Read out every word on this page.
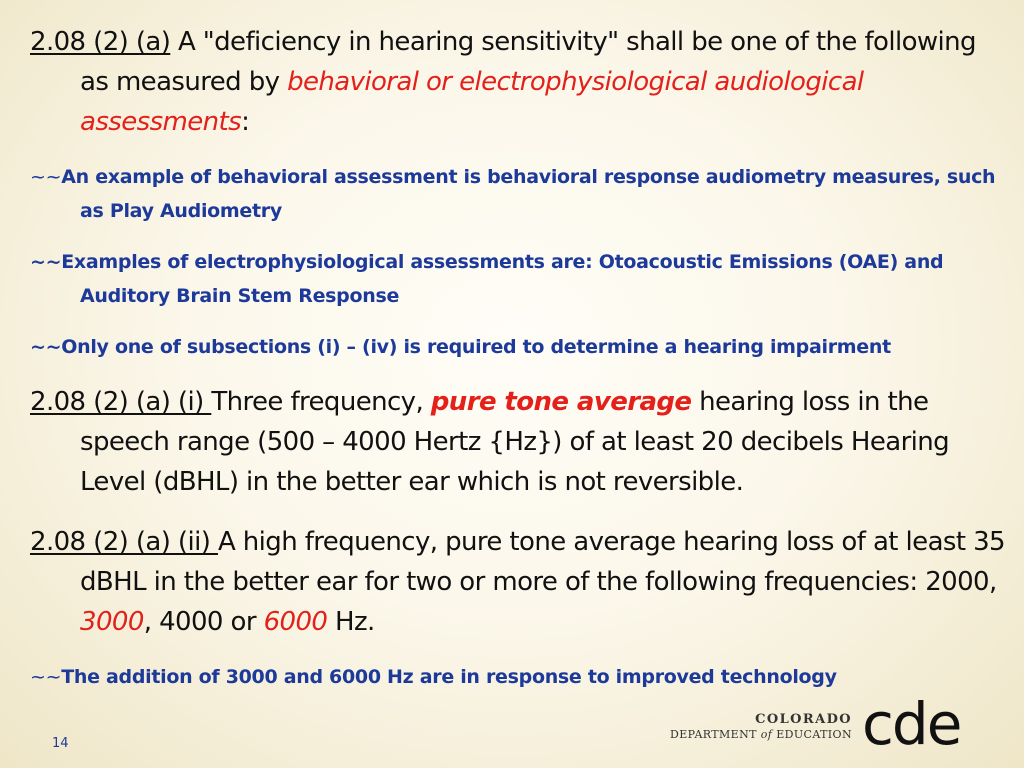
2.08 (2) (a) A "deficiency in hearing sensitivity" shall be one of the following as measured by behavioral or electrophysiological audiological assessments:
~~An example of behavioral assessment is behavioral response audiometry measures, such as Play Audiometry
~~Examples of electrophysiological assessments are: Otoacoustic Emissions (OAE) and Auditory Brain Stem Response
~~Only one of subsections (i) – (iv) is required to determine a hearing impairment
2.08 (2) (a) (i) Three frequency, pure tone average hearing loss in the speech range (500 – 4000 Hertz {Hz}) of at least 20 decibels Hearing Level (dBHL) in the better ear which is not reversible.
2.08 (2) (a) (ii) A high frequency, pure tone average hearing loss of at least 35 dBHL in the better ear for two or more of the following frequencies: 2000, 3000, 4000 or 6000 Hz.
~~The addition of 3000 and 6000 Hz are in response to improved technology
14
COLORADO
DEPARTMENT of EDUCATION cde
